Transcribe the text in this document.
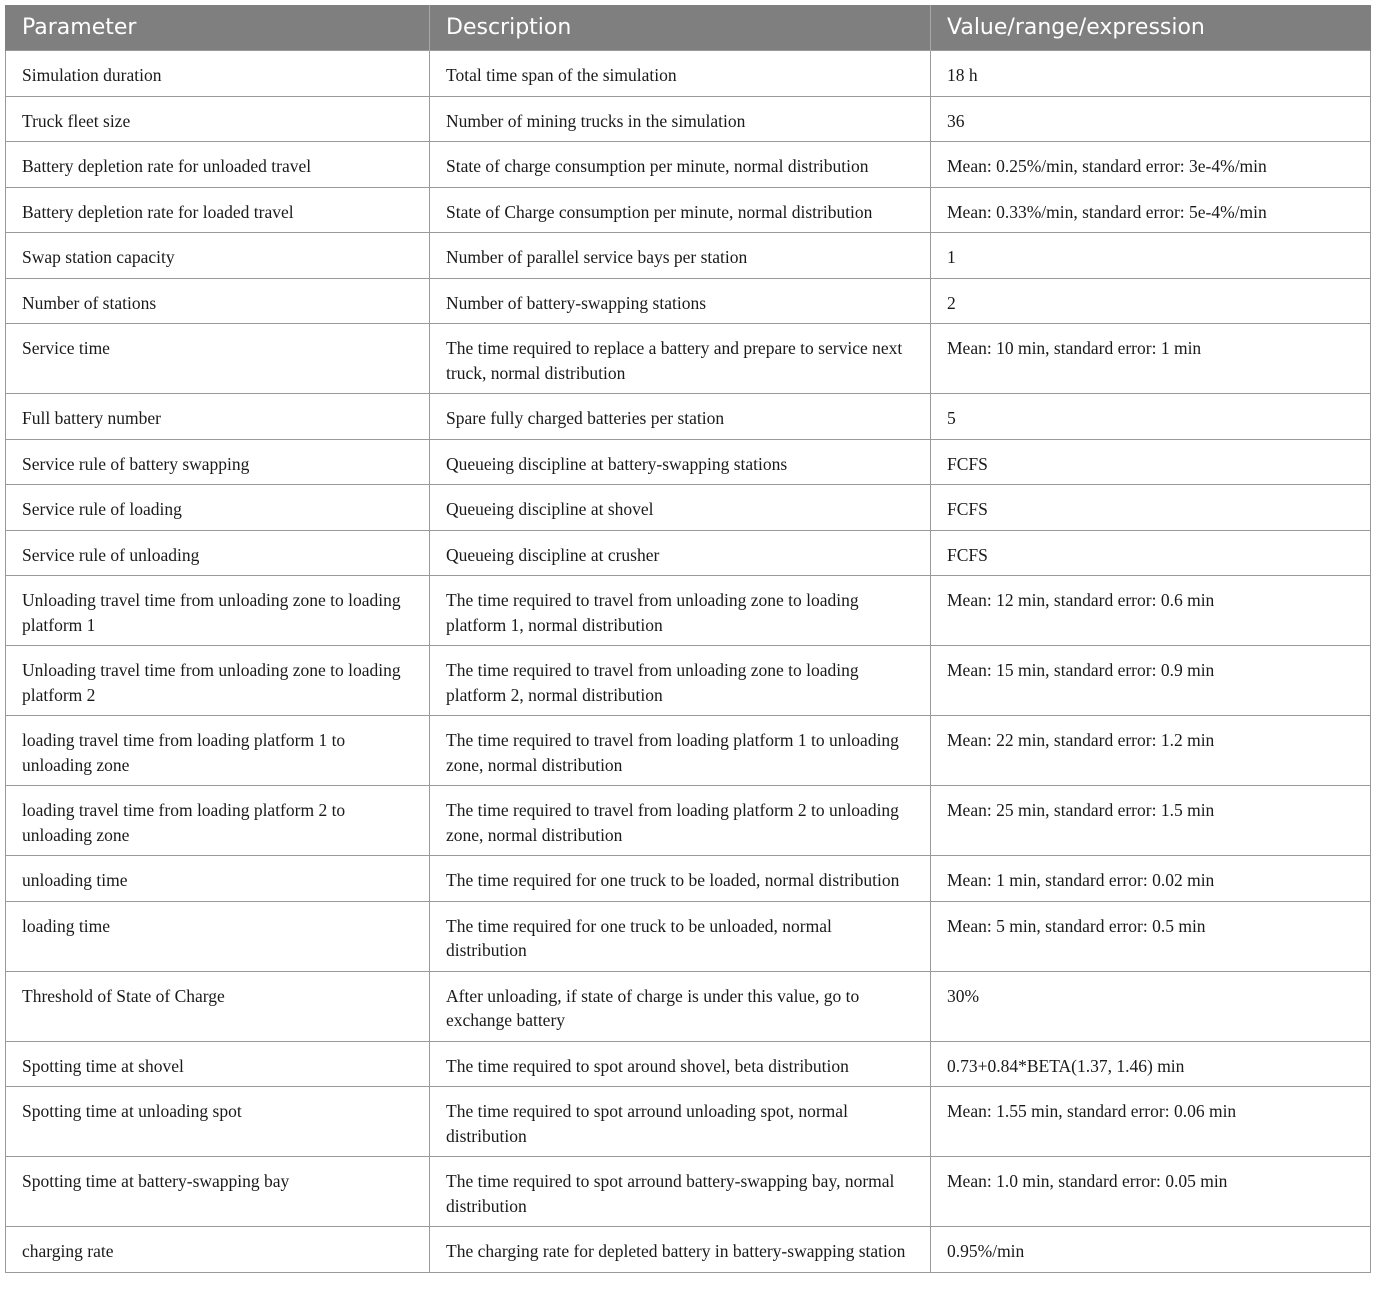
Parameter	Description	Value/range/expression
Simulation duration	Total time span of the simulation	18 h
Truck fleet size	Number of mining trucks in the simulation	36
Battery depletion rate for unloaded travel	State of charge consumption per minute, normal distribution	Mean: 0.25%/min, standard error: 3e-4%/min
Battery depletion rate for loaded travel	State of Charge consumption per minute, normal distribution	Mean: 0.33%/min, standard error: 5e-4%/min
Swap station capacity	Number of parallel service bays per station	1
Number of stations	Number of battery-swapping stations	2
Service time	The time required to replace a battery and prepare to service next truck, normal distribution	Mean: 10 min, standard error: 1 min
Full battery number	Spare fully charged batteries per station	5
Service rule of battery swapping	Queueing discipline at battery-swapping stations	FCFS
Service rule of loading	Queueing discipline at shovel	FCFS
Service rule of unloading	Queueing discipline at crusher	FCFS
Unloading travel time from unloading zone to loading platform 1	The time required to travel from unloading zone to loading platform 1, normal distribution	Mean: 12 min, standard error: 0.6 min
Unloading travel time from unloading zone to loading platform 2	The time required to travel from unloading zone to loading platform 2, normal distribution	Mean: 15 min, standard error: 0.9 min
loading travel time from loading platform 1 to unloading zone	The time required to travel from loading platform 1 to unloading zone, normal distribution	Mean: 22 min, standard error: 1.2 min
loading travel time from loading platform 2 to unloading zone	The time required to travel from loading platform 2 to unloading zone, normal distribution	Mean: 25 min, standard error: 1.5 min
unloading time	The time required for one truck to be loaded, normal distribution	Mean: 1 min, standard error: 0.02 min
loading time	The time required for one truck to be unloaded, normal distribution	Mean: 5 min, standard error: 0.5 min
Threshold of State of Charge	After unloading, if state of charge is under this value, go to exchange battery	30%
Spotting time at shovel	The time required to spot around shovel, beta distribution	0.73+0.84*BETA(1.37, 1.46) min
Spotting time at unloading spot	The time required to spot arround unloading spot, normal distribution	Mean: 1.55 min, standard error: 0.06 min
Spotting time at battery-swapping bay	The time required to spot arround battery-swapping bay, normal distribution	Mean: 1.0 min, standard error: 0.05 min
charging rate	The charging rate for depleted battery in battery-swapping station	0.95%/min
